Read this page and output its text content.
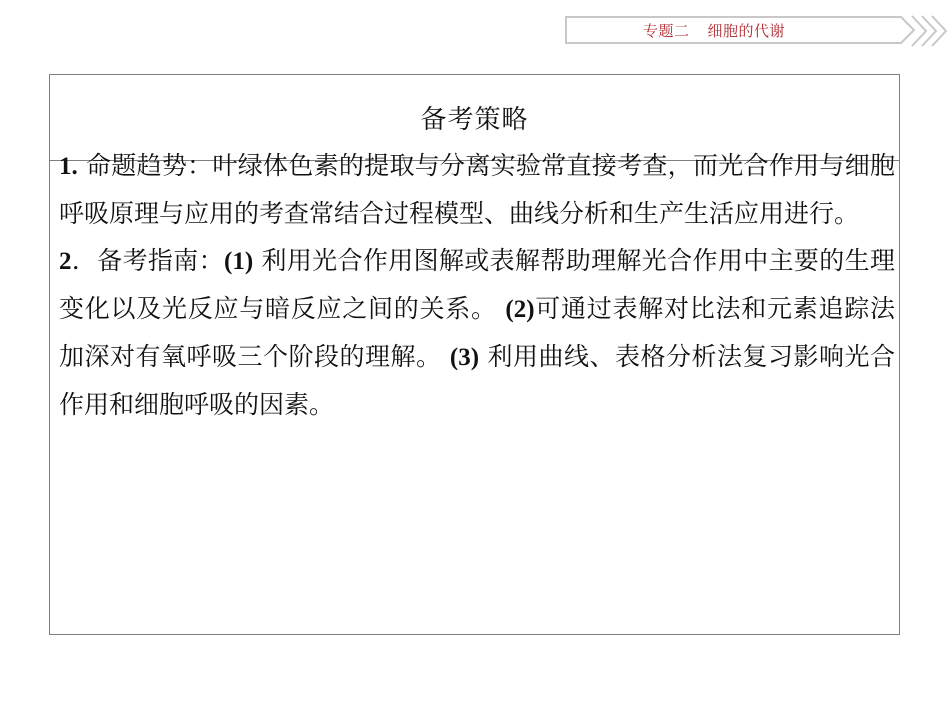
专题二 细胞的代谢
备考策略

1. 命题趋势：叶绿体色素的提取与分离实验常直接考查，而光合作用与细胞呼吸原理与应用的考查常结合过程模型、曲线分析和生产生活应用进行。

2．备考指南：(1) 利用光合作用图解或表解帮助理解光合作用中主要的生理变化以及光反应与暗反应之间的关系。 (2)可通过表解对比法和元素追踪法加深对有氧呼吸三个阶段的理解。 (3) 利用曲线、表格分析法复习影响光合作用和细胞呼吸的因素。
